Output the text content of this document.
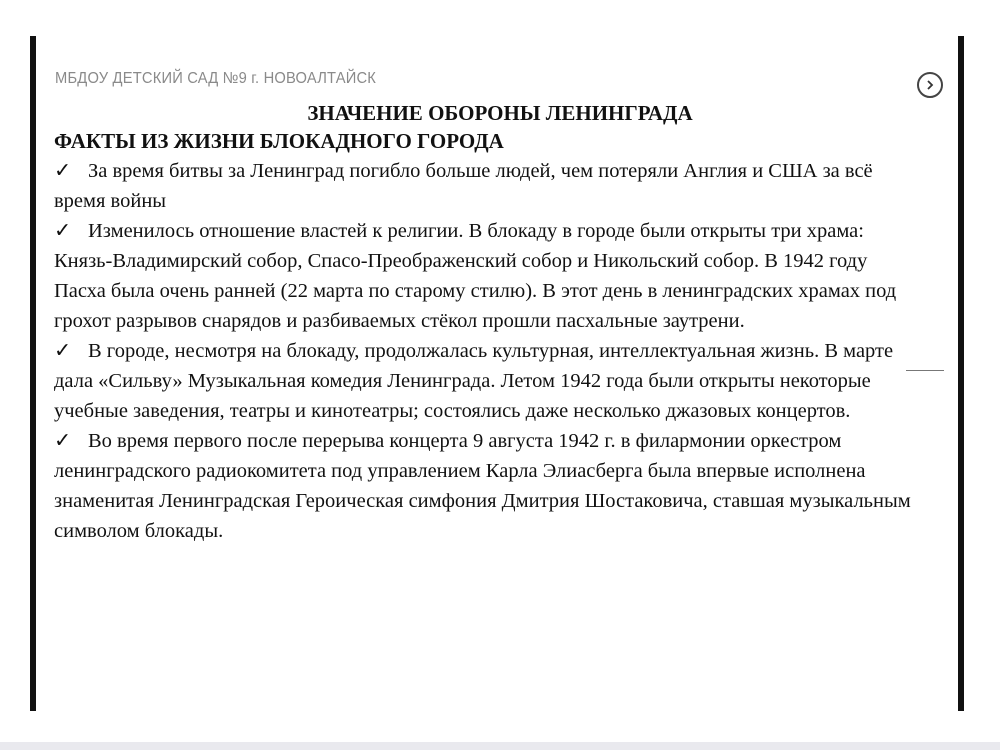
МБДОУ ДЕТСКИЙ САД №9 г. НОВОАЛТАЙСК
ЗНАЧЕНИЕ ОБОРОНЫ ЛЕНИНГРАДА

ФАКТЫ ИЗ ЖИЗНИ БЛОКАДНОГО ГОРОДА

✓ За время битвы за Ленинград погибло больше людей, чем потеряли Англия и США за всё время войны
✓ Изменилось отношение властей к религии. В блокаду в городе были открыты три храма: Князь-Владимирский собор, Спасо-Преображенский собор и Никольский собор. В 1942 году Пасха была очень ранней (22 марта по старому стилю). В этот день в ленинградских храмах под грохот разрывов снарядов и разбиваемых стёкол прошли пасхальные заутрени.
✓ В городе, несмотря на блокаду, продолжалась культурная, интеллектуальная жизнь. В марте дала «Сильву» Музыкальная комедия Ленинграда. Летом 1942 года были открыты некоторые учебные заведения, театры и кинотеатры; состоялись даже несколько джазовых концертов.
✓ Во время первого после перерыва концерта 9 августа 1942 г. в филармонии оркестром ленинградского радиокомитета под управлением Карла Элиасберга была впервые исполнена знаменитая Ленинградская Героическая симфония Дмитрия Шостаковича, ставшая музыкальным символом блокады.
